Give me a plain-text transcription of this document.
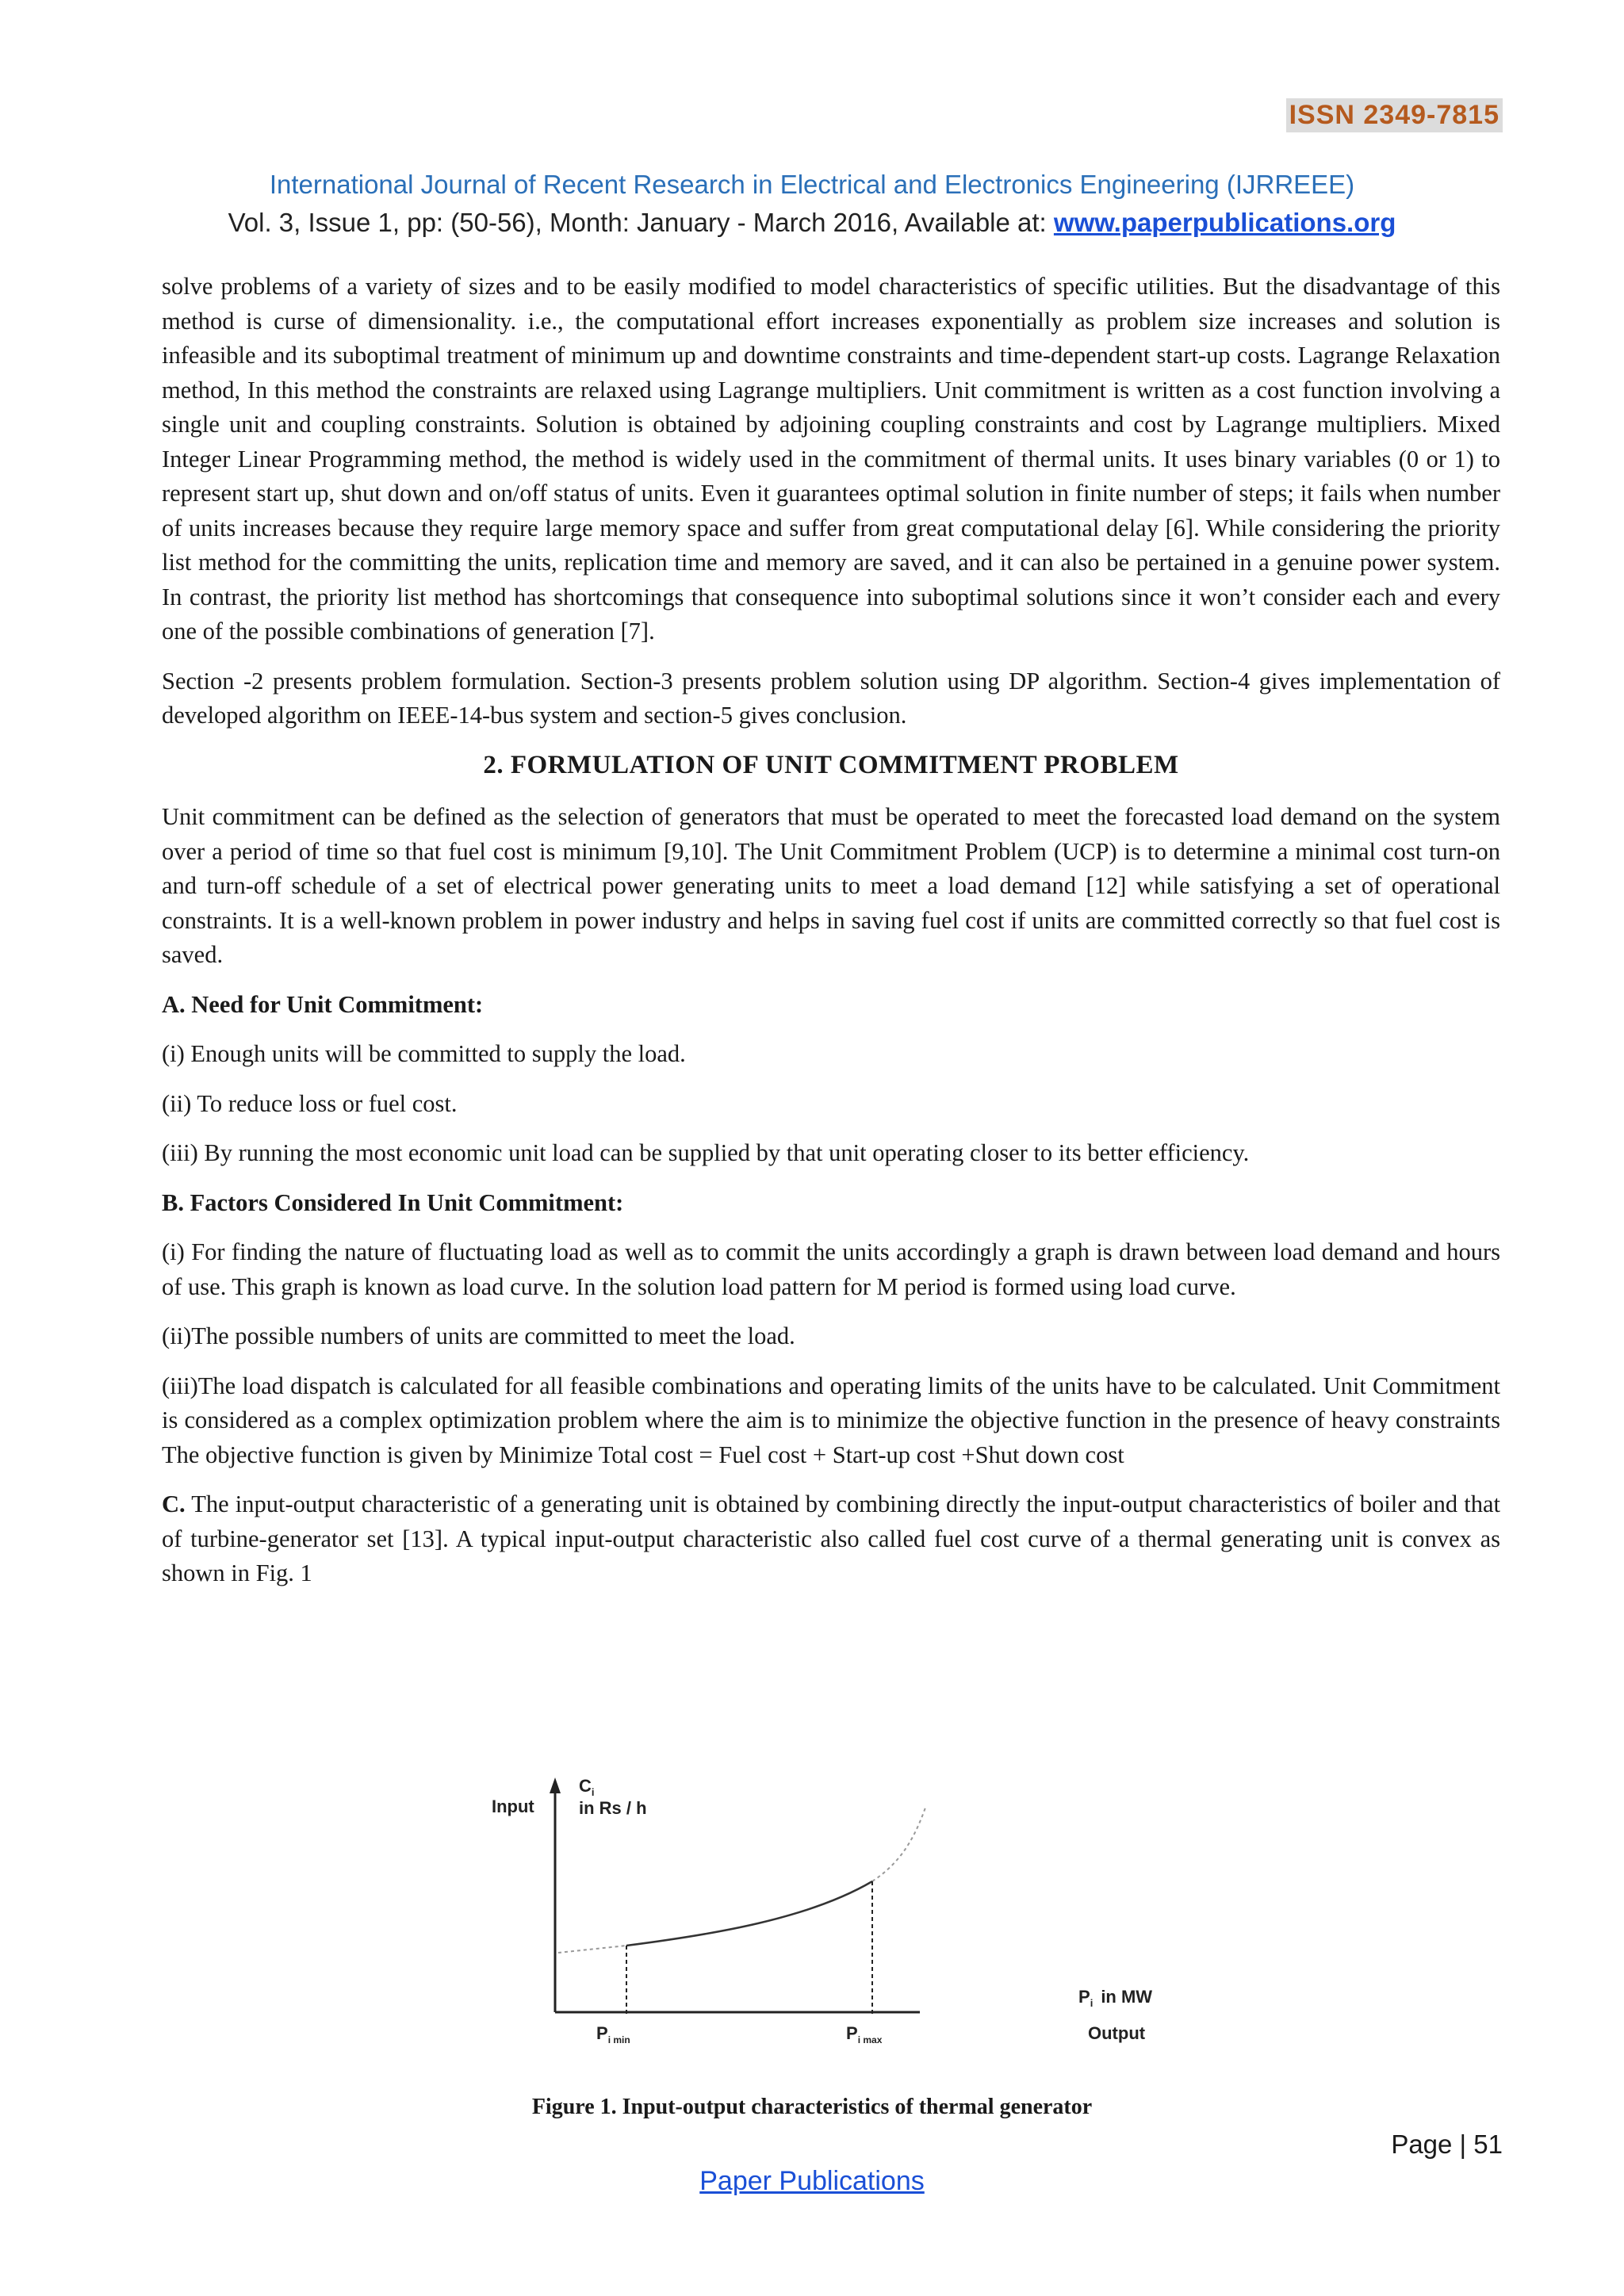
ISSN 2349-7815
International Journal of Recent Research in Electrical and Electronics Engineering (IJRREEE)
Vol. 3, Issue 1, pp: (50-56), Month: January - March 2016, Available at: www.paperpublications.org

solve problems of a variety of sizes and to be easily modified to model characteristics of specific utilities. But the disadvantage of this method is curse of dimensionality. i.e., the computational effort increases exponentially as problem size increases and solution is infeasible and its suboptimal treatment of minimum up and downtime constraints and time-dependent start-up costs. Lagrange Relaxation method, In this method the constraints are relaxed using Lagrange multipliers. Unit commitment is written as a cost function involving a single unit and coupling constraints. Solution is obtained by adjoining coupling constraints and cost by Lagrange multipliers. Mixed Integer Linear Programming method, the method is widely used in the commitment of thermal units. It uses binary variables (0 or 1) to represent start up, shut down and on/off status of units. Even it guarantees optimal solution in finite number of steps; it fails when number of units increases because they require large memory space and suffer from great computational delay [6]. While considering the priority list method for the committing the units, replication time and memory are saved, and it can also be pertained in a genuine power system. In contrast, the priority list method has shortcomings that consequence into suboptimal solutions since it won’t consider each and every one of the possible combinations of generation [7].

Section -2 presents problem formulation. Section-3 presents problem solution using DP algorithm. Section-4 gives implementation of developed algorithm on IEEE-14-bus system and section-5 gives conclusion.

2. FORMULATION OF UNIT COMMITMENT PROBLEM

Unit commitment can be defined as the selection of generators that must be operated to meet the forecasted load demand on the system over a period of time so that fuel cost is minimum [9,10]. The Unit Commitment Problem (UCP) is to determine a minimal cost turn-on and turn-off schedule of a set of electrical power generating units to meet a load demand [12] while satisfying a set of operational constraints. It is a well-known problem in power industry and helps in saving fuel cost if units are committed correctly so that fuel cost is saved.

A. Need for Unit Commitment:

(i) Enough units will be committed to supply the load.

(ii) To reduce loss or fuel cost.

(iii) By running the most economic unit load can be supplied by that unit operating closer to its better efficiency.

B. Factors Considered In Unit Commitment:

(i) For finding the nature of fluctuating load as well as to commit the units accordingly a graph is drawn between load demand and hours of use. This graph is known as load curve. In the solution load pattern for M period is formed using load curve.

(ii)The possible numbers of units are committed to meet the load.

(iii)The load dispatch is calculated for all feasible combinations and operating limits of the units have to be calculated. Unit Commitment is considered as a complex optimization problem where the aim is to minimize the objective function in the presence of heavy constraints The objective function is given by Minimize Total cost = Fuel cost + Start-up cost +Shut down cost

C. The input-output characteristic of a generating unit is obtained by combining directly the input-output characteristics of boiler and that of turbine-generator set [13]. A typical input-output characteristic also called fuel cost curve of a thermal generating unit is convex as shown in Fig. 1

Input
$C_i$
in Rs / h
$P_i$ in MW
Output
$P_{i min}$	$P_{i max}$
Figure 1. Input-output characteristics of thermal generator
Page | 51
Paper Publications
